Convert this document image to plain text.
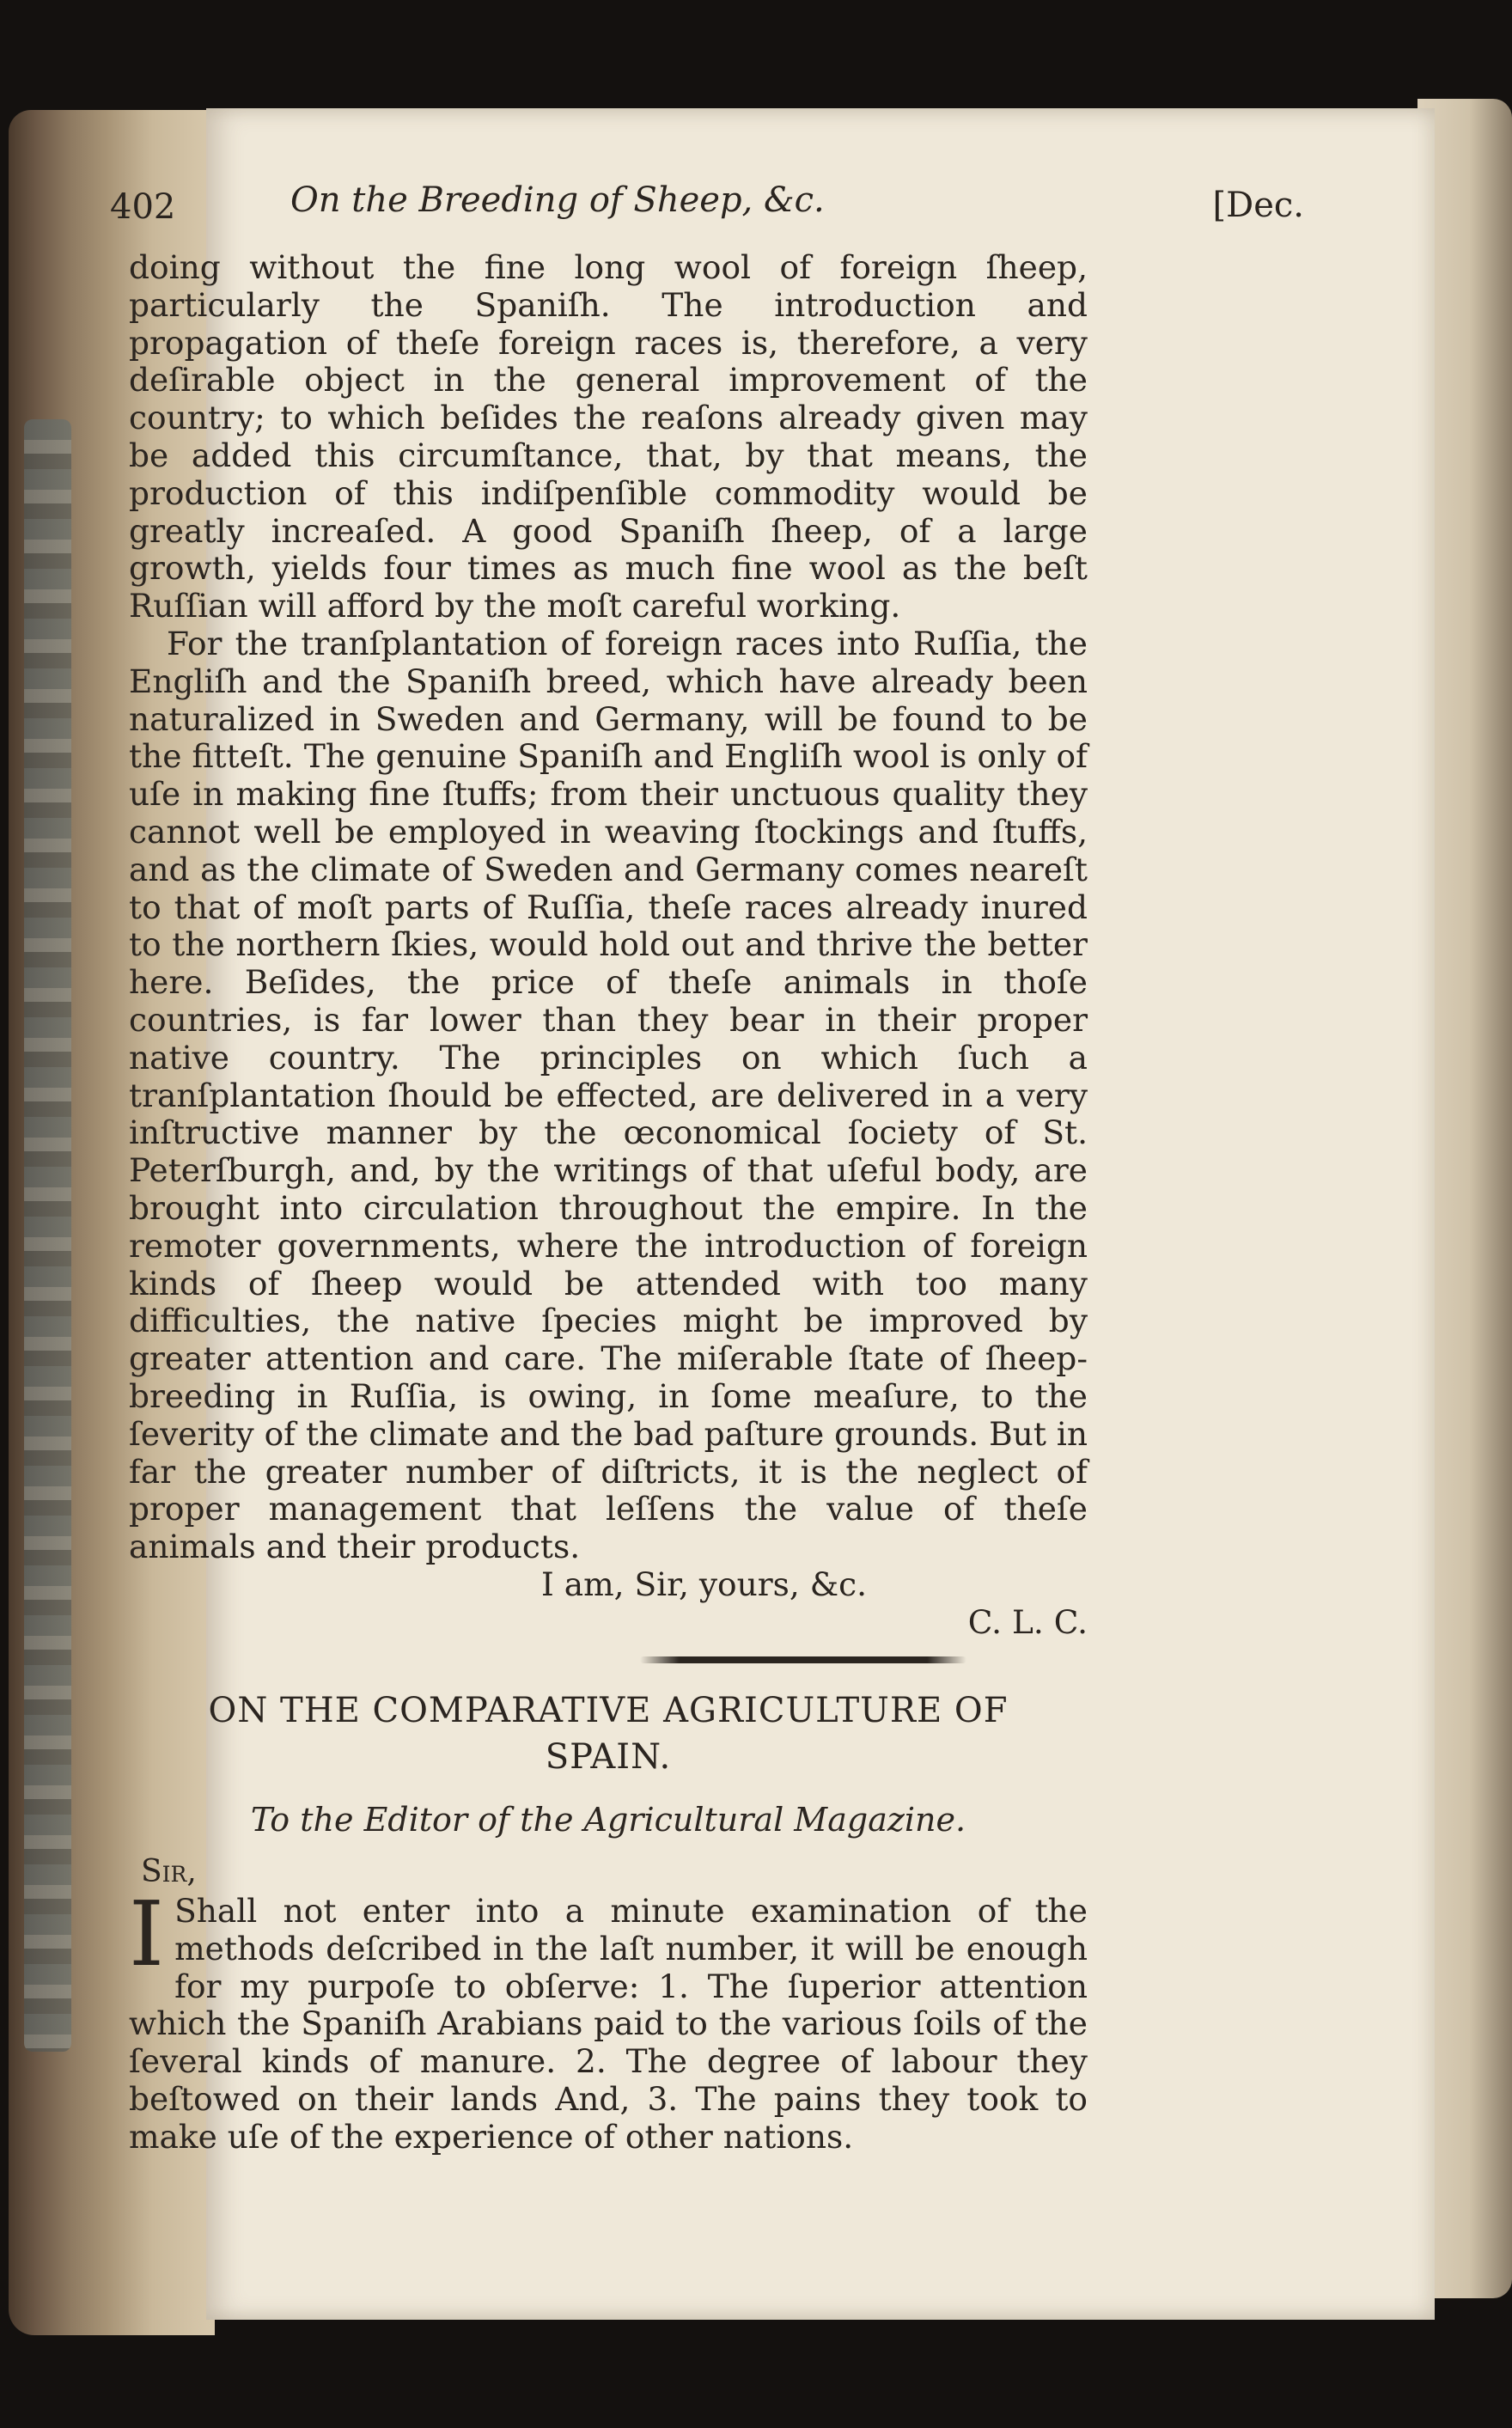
402	On the Breeding of Sheep, &c.	[Dec.

doing without the fine long wool of foreign ſheep, particularly the Spaniſh. The introduction and propagation of theſe foreign races is, therefore, a very deſirable object in the general improvement of the country; to which beſides the reaſons already given may be added this circumſtance, that, by that means, the production of this indiſpenſible commodity would be greatly increaſed. A good Spaniſh ſheep, of a large growth, yields four times as much fine wool as the beſt Ruſſian will afford by the moſt careful working.

For the tranſplantation of foreign races into Ruſſia, the Engliſh and the Spaniſh breed, which have already been naturalized in Sweden and Germany, will be found to be the fitteſt. The genuine Spaniſh and Engliſh wool is only of uſe in making fine ſtuffs; from their unctuous quality they cannot well be employed in weaving ſtockings and ſtuffs, and as the climate of Sweden and Germany comes neareſt to that of moſt parts of Ruſſia, theſe races already inured to the northern ſkies, would hold out and thrive the better here. Beſides, the price of theſe animals in thoſe countries, is far lower than they bear in their proper native country. The principles on which ſuch a tranſplantation ſhould be effected, are delivered in a very inſtructive manner by the œconomical ſociety of St. Peterſburgh, and, by the writings of that uſeful body, are brought into circulation throughout the empire. In the remoter governments, where the introduction of foreign kinds of ſheep would be attended with too many difficulties, the native ſpecies might be improved by greater attention and care. The miſerable ſtate of ſheep-breeding in Ruſſia, is owing, in ſome meaſure, to the ſeverity of the climate and the bad paſture grounds. But in far the greater number of diſtricts, it is the neglect of proper management that leſſens the value of theſe animals and their products.

I am, Sir, yours, &c.

C. L. C.

ON THE COMPARATIVE AGRICULTURE OF
SPAIN.
To the Editor of the Agricultural Magazine.
Sir,
I Shall not enter into a minute examination of the methods deſcribed in the laſt number, it will be enough for my purpoſe to obſerve: 1. The ſuperior attention which the Spaniſh Arabians paid to the various ſoils of the ſeveral kinds of manure. 2. The degree of labour they beſtowed on their lands And, 3. The pains they took to make uſe of the experience of other nations.
